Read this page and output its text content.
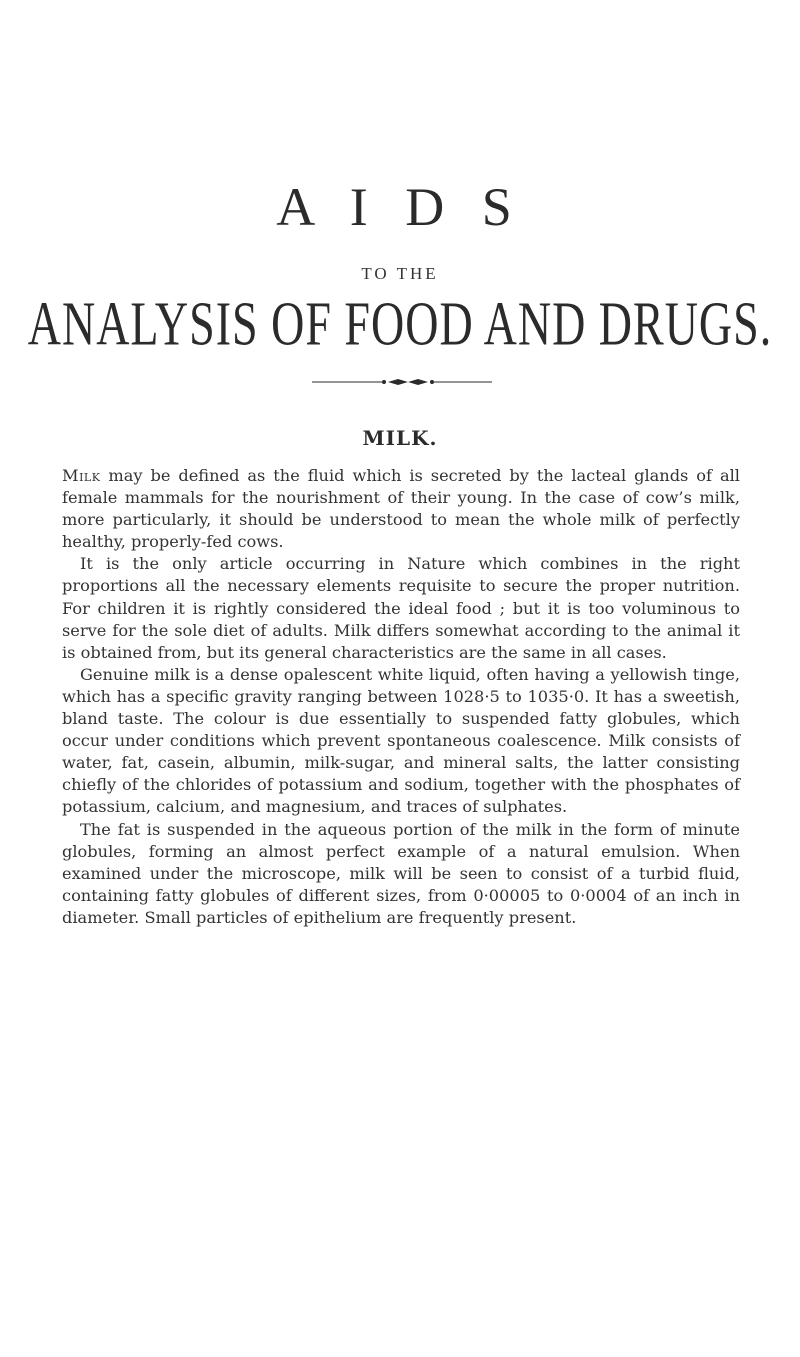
A I D S
TO THE
ANALYSIS OF FOOD AND DRUGS.
MILK.

Milk may be defined as the fluid which is secreted by the lacteal glands of all female mammals for the nourishment of their young. In the case of cow’s milk, more particularly, it should be understood to mean the whole milk of perfectly healthy, properly-fed cows.

It is the only article occurring in Nature which combines in the right proportions all the necessary elements requisite to secure the proper nutrition. For children it is rightly considered the ideal food ; but it is too voluminous to serve for the sole diet of adults. Milk differs somewhat according to the animal it is obtained from, but its general characteristics are the same in all cases.

Genuine milk is a dense opalescent white liquid, often having a yellowish tinge, which has a specific gravity ranging between 1028·5 to 1035·0. It has a sweetish, bland taste. The colour is due essentially to suspended fatty globules, which occur under conditions which prevent spontaneous coalescence. Milk consists of water, fat, casein, albumin, milk-sugar, and mineral salts, the latter consisting chiefly of the chlorides of potassium and sodium, together with the phosphates of potassium, calcium, and magnesium, and traces of sulphates.

The fat is suspended in the aqueous portion of the milk in the form of minute globules, forming an almost perfect example of a natural emulsion. When examined under the microscope, milk will be seen to consist of a turbid fluid, containing fatty globules of different sizes, from 0·00005 to 0·0004 of an inch in diameter. Small particles of epithelium are frequently present.
